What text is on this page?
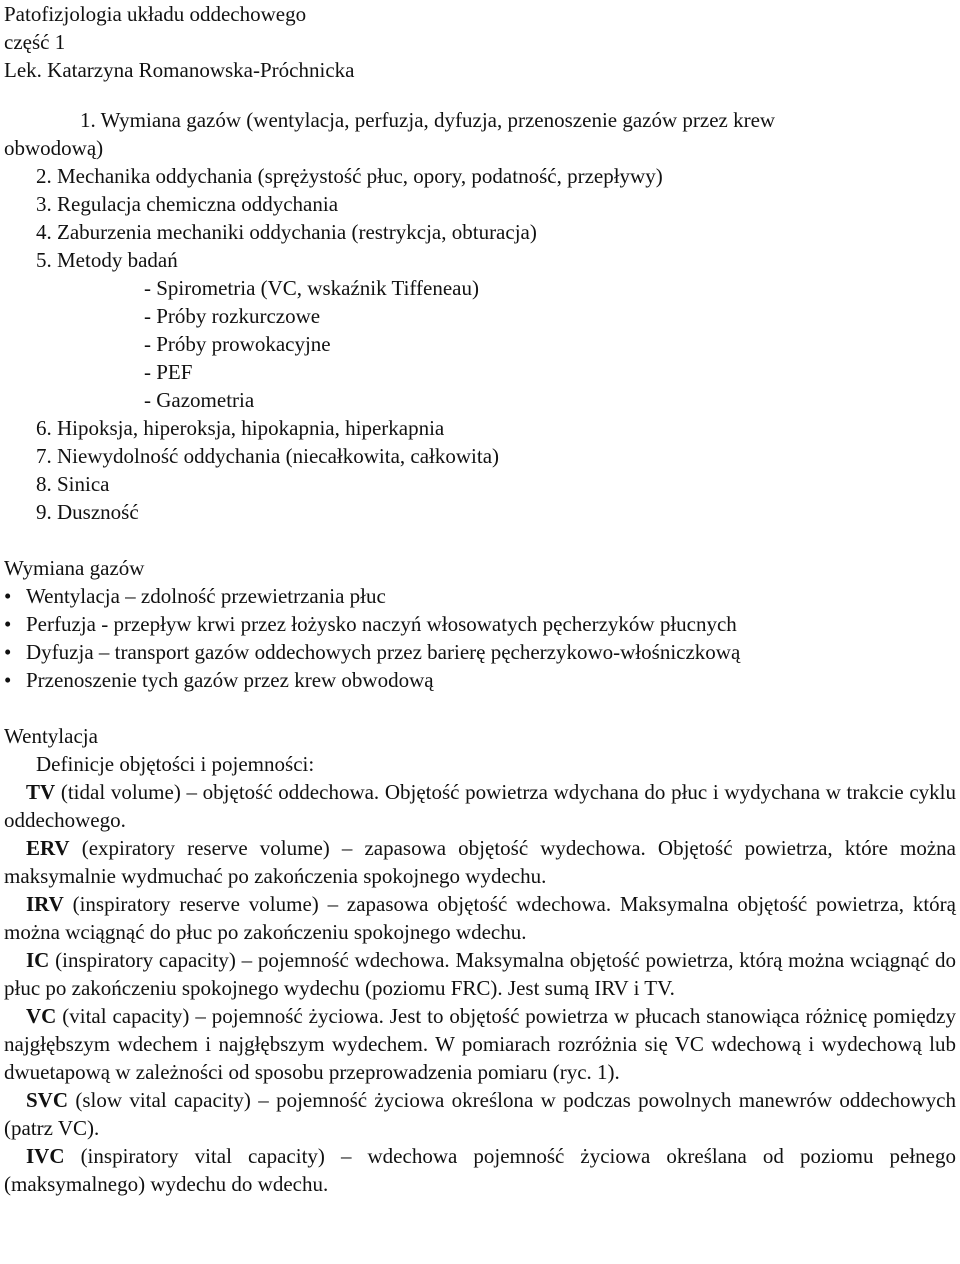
Patofizjologia układu oddechowego
część 1
Lek. Katarzyna Romanowska-Próchnicka
1. Wymiana gazów (wentylacja, perfuzja, dyfuzja, przenoszenie gazów przez krew
obwodową)
2. Mechanika oddychania (sprężystość płuc, opory, podatność, przepływy)
3. Regulacja chemiczna oddychania
4. Zaburzenia mechaniki oddychania (restrykcja, obturacja)
5. Metody badań
- Spirometria (VC, wskaźnik Tiffeneau)
- Próby rozkurczowe
- Próby prowokacyjne
- PEF
- Gazometria
6. Hipoksja, hiperoksja, hipokapnia, hiperkapnia
7. Niewydolność oddychania (niecałkowita, całkowita)
8. Sinica
9. Duszność
Wymiana gazów
• Wentylacja – zdolność przewietrzania płuc
• Perfuzja - przepływ krwi przez łożysko naczyń włosowatych pęcherzyków płucnych
• Dyfuzja – transport gazów oddechowych przez barierę pęcherzykowo-włośniczkową
• Przenoszenie tych gazów przez krew obwodową
Wentylacja
Definicje objętości i pojemności:

TV (tidal volume) – objętość oddechowa. Objętość powietrza wdychana do płuc i wydychana w trakcie cyklu oddechowego.

ERV (expiratory reserve volume) – zapasowa objętość wydechowa. Objętość powietrza, które można maksymalnie wydmuchać po zakończenia spokojnego wydechu.

IRV (inspiratory reserve volume) – zapasowa objętość wdechowa. Maksymalna objętość powietrza, którą można wciągnąć do płuc po zakończeniu spokojnego wdechu.

IC (inspiratory capacity) – pojemność wdechowa. Maksymalna objętość powietrza, którą można wciągnąć do płuc po zakończeniu spokojnego wydechu (poziomu FRC). Jest sumą IRV i TV.

VC (vital capacity) – pojemność życiowa. Jest to objętość powietrza w płucach stanowiąca różnicę pomiędzy najgłębszym wdechem i najgłębszym wydechem. W pomiarach rozróżnia się VC wdechową i wydechową lub dwuetapową w zależności od sposobu przeprowadzenia pomiaru (ryc. 1).

SVC (slow vital capacity) – pojemność życiowa określona w podczas powolnych manewrów oddechowych (patrz VC).

IVC (inspiratory vital capacity) – wdechowa pojemność życiowa określana od poziomu pełnego (maksymalnego) wydechu do wdechu.
